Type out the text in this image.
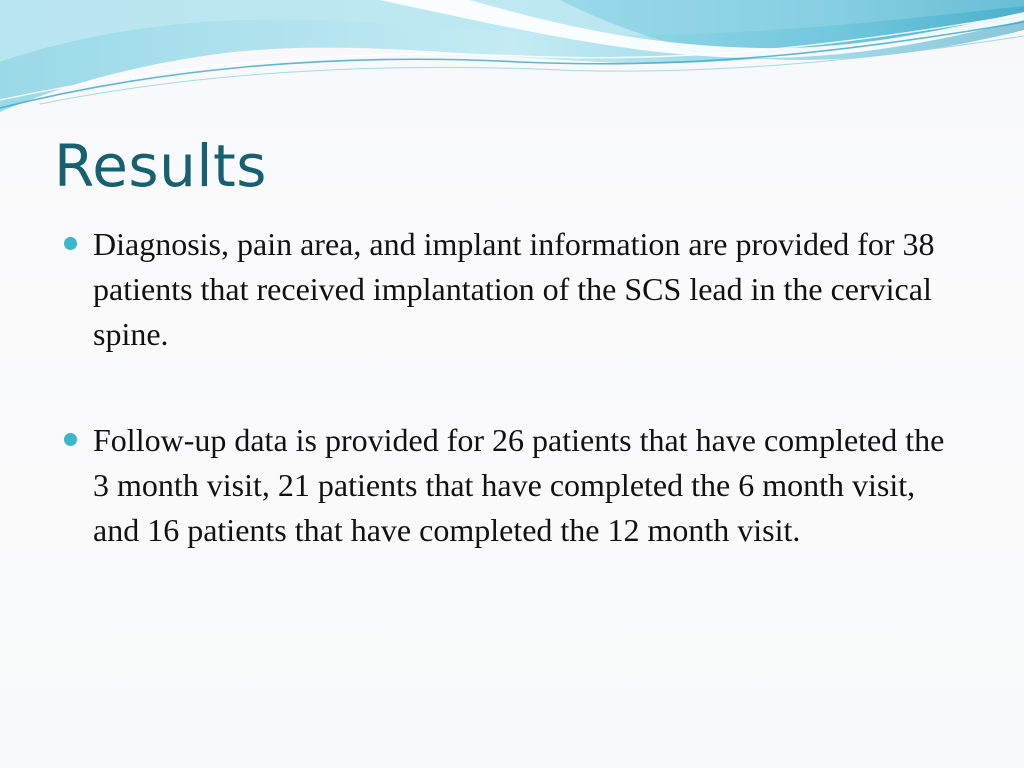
Results
Diagnosis, pain area, and implant information are provided for 38 patients that received implantation of the SCS lead in the cervical spine.
Follow-up data is provided for 26 patients that have completed the 3 month visit, 21 patients that have completed the 6 month visit, and 16 patients that have completed the 12 month visit.
